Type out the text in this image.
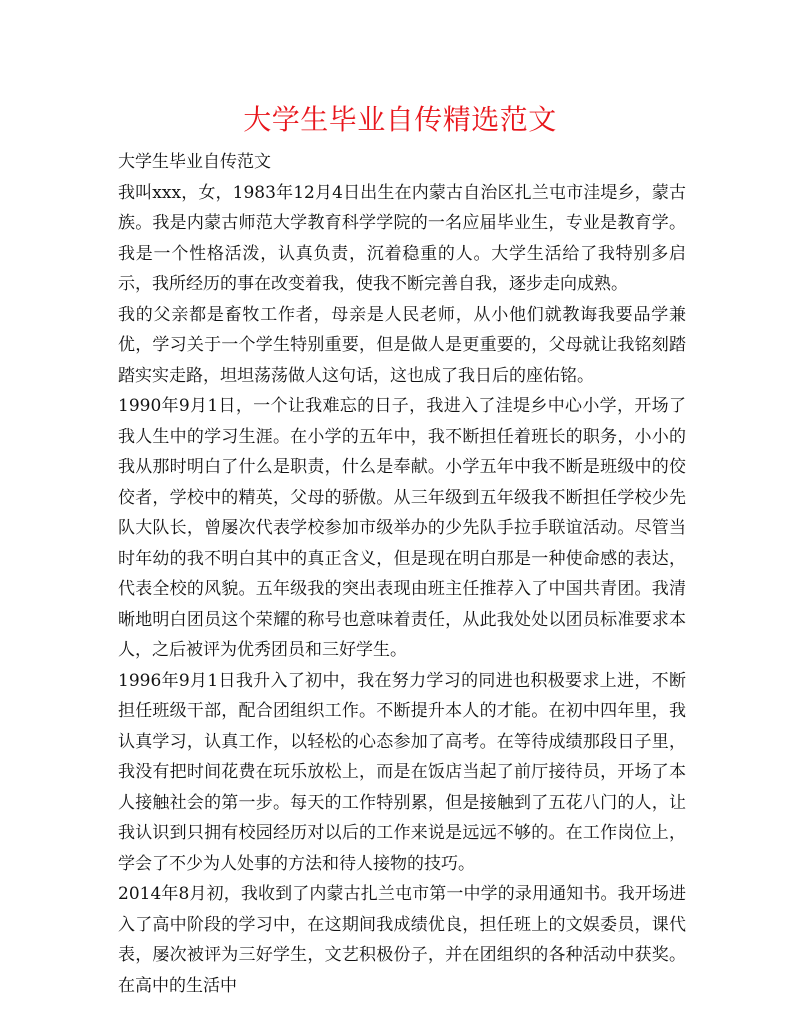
大学生毕业自传精选范文

大学生毕业自传范文

我叫xxx，女，1983年12月4日出生在内蒙古自治区扎兰屯市洼堤乡，蒙古族。我是内蒙古师范大学教育科学学院的一名应届毕业生，专业是教育学。我是一个性格活泼，认真负责，沉着稳重的人。大学生活给了我特别多启示，我所经历的事在改变着我，使我不断完善自我，逐步走向成熟。

我的父亲都是畜牧工作者，母亲是人民老师，从小他们就教诲我要品学兼优，学习关于一个学生特别重要，但是做人是更重要的，父母就让我铭刻踏踏实实走路，坦坦荡荡做人这句话，这也成了我日后的座佑铭。

1990年9月1日，一个让我难忘的日子，我进入了洼堤乡中心小学，开场了我人生中的学习生涯。在小学的五年中，我不断担任着班长的职务，小小的我从那时明白了什么是职责，什么是奉献。小学五年中我不断是班级中的佼佼者，学校中的精英，父母的骄傲。从三年级到五年级我不断担任学校少先队大队长，曾屡次代表学校参加市级举办的少先队手拉手联谊活动。尽管当时年幼的我不明白其中的真正含义，但是现在明白那是一种使命感的表达，代表全校的风貌。五年级我的突出表现由班主任推荐入了中国共青团。我清晰地明白团员这个荣耀的称号也意味着责任，从此我处处以团员标准要求本人，之后被评为优秀团员和三好学生。

1996年9月1日我升入了初中，我在努力学习的同进也积极要求上进，不断担任班级干部，配合团组织工作。不断提升本人的才能。在初中四年里，我认真学习，认真工作，以轻松的心态参加了高考。在等待成绩那段日子里，我没有把时间花费在玩乐放松上，而是在饭店当起了前厅接待员，开场了本人接触社会的第一步。每天的工作特别累，但是接触到了五花八门的人，让我认识到只拥有校园经历对以后的工作来说是远远不够的。在工作岗位上，学会了不少为人处事的方法和待人接物的技巧。

2014年8月初，我收到了内蒙古扎兰屯市第一中学的录用通知书。我开场进入了高中阶段的学习中，在这期间我成绩优良，担任班上的文娱委员，课代表，屡次被评为三好学生，文艺积极份子，并在团组织的各种活动中获奖。在高中的生活中
